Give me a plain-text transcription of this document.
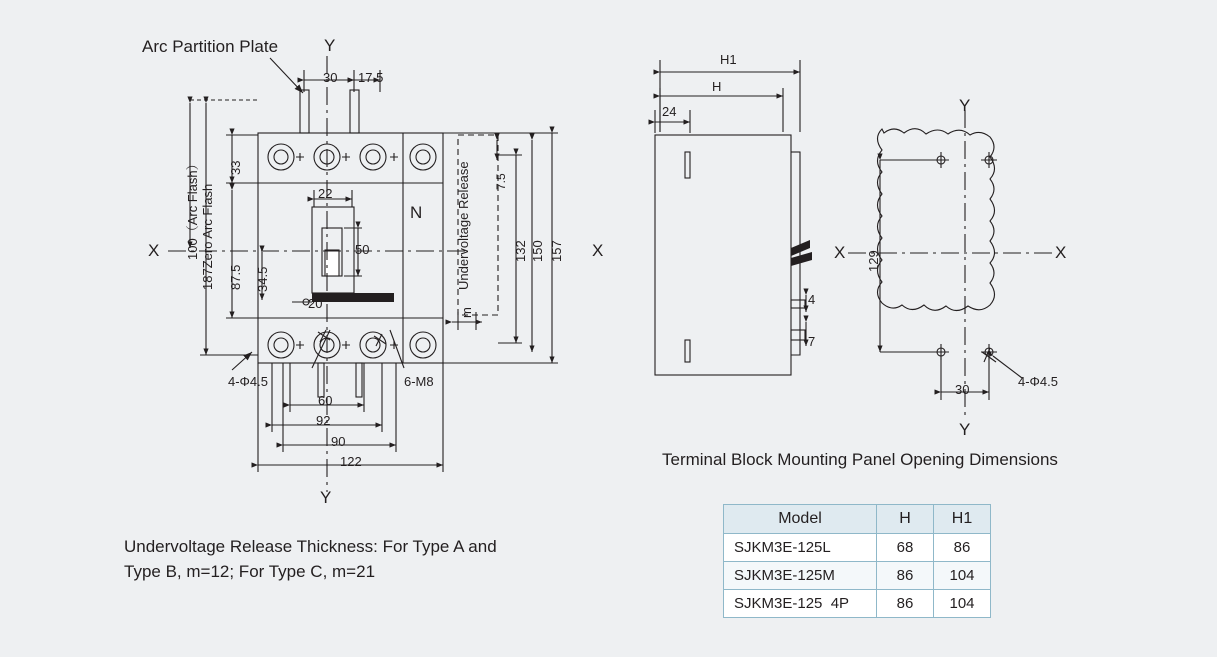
Arc Partition Plate	Y
Y
X	X
100（Arc Flash） 187Zero Arc Flash
33
87.5
30 17.5
22
50
34.5
20
N	Undervoltage Release 7.5
132 150 157
m
4-Φ4.5	6-M8
60
92
90
122
H1
H
24
4
7
Y
Y
X	X
129
30
4-Φ4.5
Terminal Block Mounting Panel Opening Dimensions
Undervoltage Release Thickness: For Type A and
Type B, m=12; For Type C, m=21
Model	H	H1
SJKM3E-125L	68	86
SJKM3E-125M	86	104
SJKM3E-125  4P	86	104
